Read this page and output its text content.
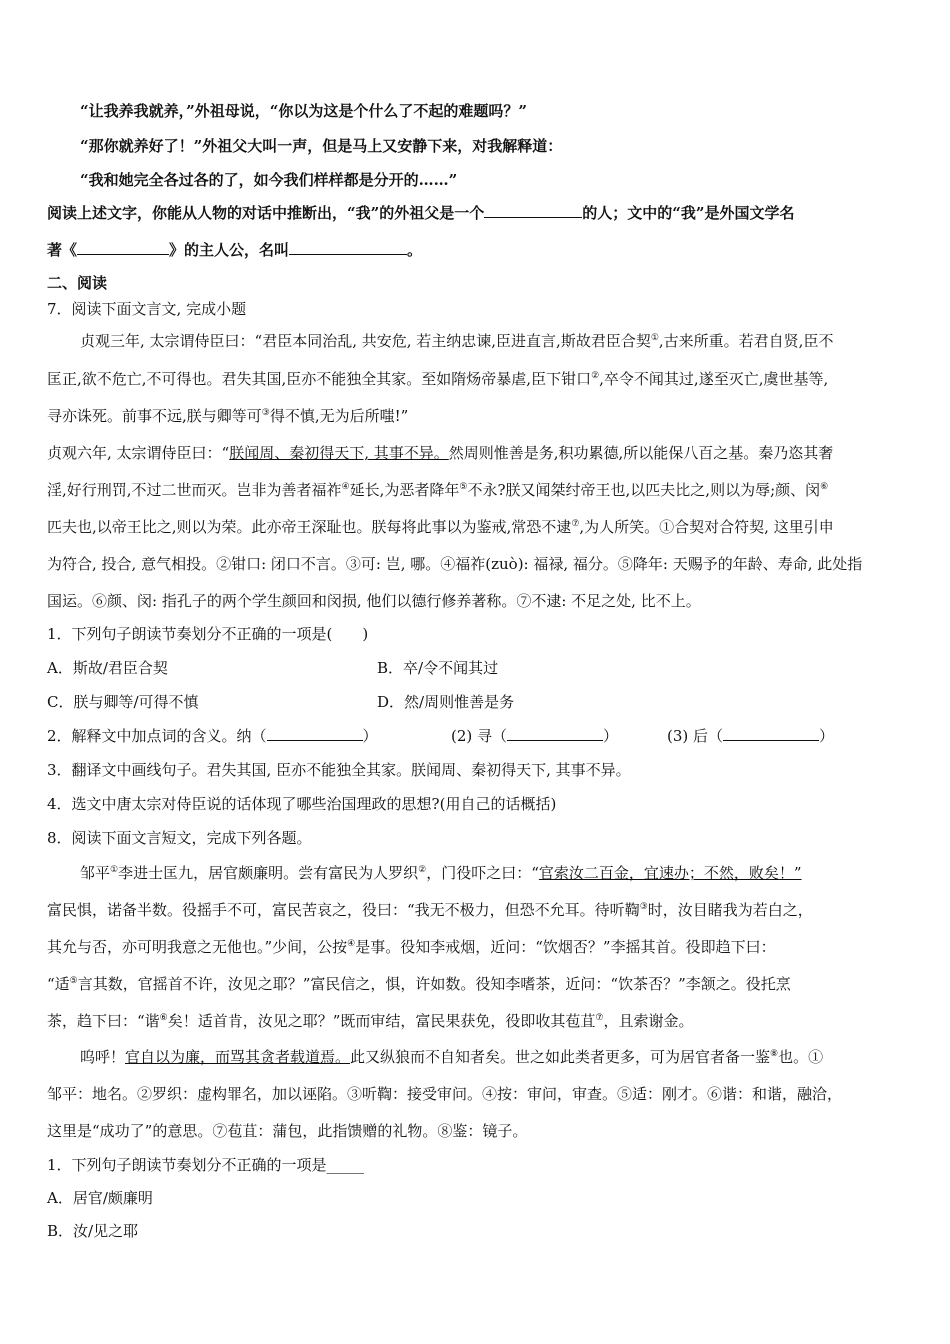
“让我养我就养，”外祖母说，“你以为这是个什么了不起的难题吗？”
“那你就养好了！”外祖父大叫一声，但是马上又安静下来，对我解释道：
“我和她完全各过各的了，如今我们样样都是分开的……”
阅读上述文字，你能从人物的对话中推断出，“我”的外祖父是一个	的人；文中的“我”是外国文学名
著《	》的主人公，名叫	。
二、阅读
7．阅读下面文言文, 完成小题
贞观三年, 太宗谓侍臣曰：“君臣本同治乱, 共安危, 若主纳忠谏,臣进直言,斯故君臣合契①,古来所重。若君自贤,臣不
匡正,欲不危亡,不可得也。君失其国,臣亦不能独全其家。至如隋炀帝暴虐,臣下钳口②,卒令不闻其过,遂至灭亡,虞世基等,
寻亦诛死。前事不远,朕与卿等可③得不慎,无为后所嗤!”
贞观六年, 太宗谓侍臣曰：“朕闻周、秦初得天下, 其事不异。然周则惟善是务,积功累德,所以能保八百之基。秦乃恣其奢
淫,好行刑罚,不过二世而灭。岂非为善者福祚④延长,为恶者降年⑤不永?朕又闻桀纣帝王也,以匹夫比之,则以为辱;颜、闵⑥
匹夫也,以帝王比之,则以为荣。此亦帝王深耻也。朕每将此事以为鉴戒,常恐不逮⑦,为人所笑。①合契对合符契, 这里引申
为符合, 投合, 意气相投。②钳口: 闭口不言。③可: 岂, 哪。④福祚(zuò): 福禄, 福分。⑤降年: 天赐予的年龄、寿命, 此处指
国运。⑥颜、闵: 指孔子的两个学生颜回和闵损, 他们以德行修养著称。⑦不逮: 不足之处, 比不上。
1．下列句子朗读节奏划分不正确的一项是(　　)
A．斯故/君臣合契	B．卒/令不闻其过
C．朕与卿等/可得不慎	D．然/周则惟善是务
2．解释文中加点词的含义。纳（	）	(2) 寻（	）	(3) 后（	）
3．翻译文中画线句子。君失其国, 臣亦不能独全其家。朕闻周、秦初得天下, 其事不异。
4．选文中唐太宗对侍臣说的话体现了哪些治国理政的思想?(用自己的话概括)
8．阅读下面文言短文，完成下列各题。
邹平①李进士匡九，居官颇廉明。尝有富民为人罗织②，门役吓之曰：“官索汝二百金，宜速办；不然，败矣！”
富民惧，诺备半数。役摇手不可，富民苦哀之，役曰：“我无不极力，但恐不允耳。待听鞫③时，汝目睹我为若白之，
其允与否，亦可明我意之无他也。”少间，公按④是事。役知李戒烟，近问：“饮烟否？”李摇其首。役即趋下曰：
“适⑤言其数，官摇首不许，汝见之耶？”富民信之，惧，许如数。役知李嗜茶，近问：“饮茶否？”李颔之。役托烹
茶，趋下曰：“谐⑥矣！适首肯，汝见之耶？”既而审结，富民果获免，役即收其苞苴⑦，且索谢金。
呜呼！官自以为廉，而骂其贪者载道焉。此又纵狼而不自知者矣。世之如此类者更多，可为居官者备一鉴⑧也。①
邹平：地名。②罗织：虚构罪名，加以诬陷。③听鞫：接受审问。④按：审问，审查。⑤适：刚才。⑥谐：和谐，融洽，
这里是“成功了”的意思。⑦苞苴：蒲包，此指馈赠的礼物。⑧鉴：镜子。
1．下列句子朗读节奏划分不正确的一项是_____
A．居官/颇廉明
B．汝/见之耶
